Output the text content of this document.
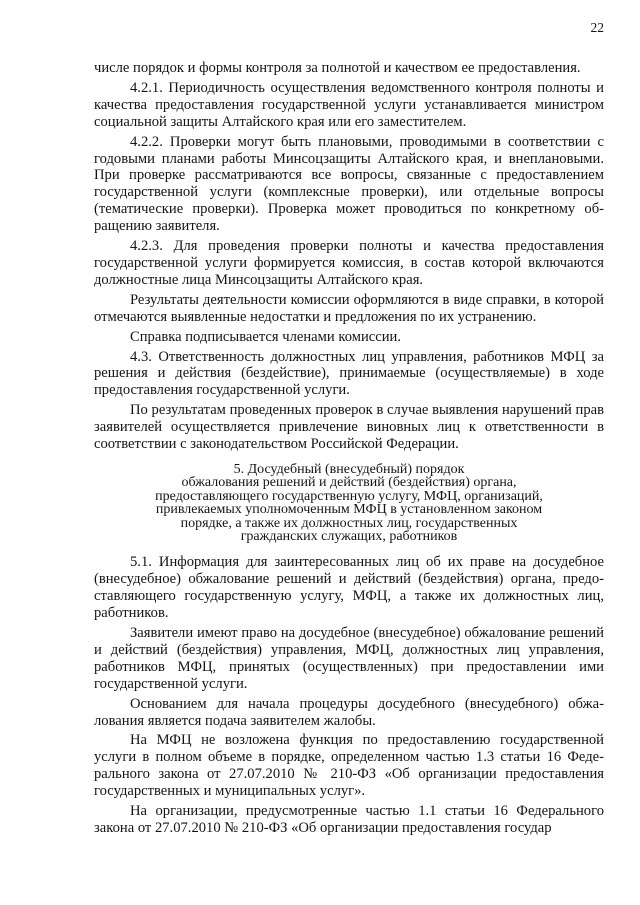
22

числе порядок и формы контроля за полнотой и качеством ее предоставления.

4.2.1. Периодичность осуществления ведомственного контроля полноты и качества предоставления государственной услуги устанавливается министром социальной защиты Алтайского края или его заместителем.

4.2.2. Проверки могут быть плановыми, проводимыми в соответствии с годовыми планами работы Минсоцзащиты Алтайского края, и внеплановыми. При проверке рассматриваются все вопросы, связанные с предоставлением государственной услуги (комплексные проверки), или отдельные вопросы (тематические проверки). Проверка может проводиться по конкретному обращению заявителя.

4.2.3. Для проведения проверки полноты и качества предоставления государственной услуги формируется комиссия, в состав которой включаются должностные лица Минсоцзащиты Алтайского края.

Результаты деятельности комиссии оформляются в виде справки, в которой отмечаются выявленные недостатки и предложения по их устранению.

Справка подписывается членами комиссии.

4.3. Ответственность должностных лиц управления, работников МФЦ за решения и действия (бездействие), принимаемые (осуществляемые) в ходе предоставления государственной услуги.

По результатам проведенных проверок в случае выявления нарушений прав заявителей осуществляется привлечение виновных лиц к ответственности в соответствии с законодательством Российской Федерации.

5. Досудебный (внесудебный) порядок
обжалования решений и действий (бездействия) органа,
предоставляющего государственную услугу, МФЦ, организаций,
привлекаемых уполномоченным МФЦ в установленном законом
порядке, а также их должностных лиц, государственных
гражданских служащих, работников

5.1. Информация для заинтересованных лиц об их праве на досудебное (внесудебное) обжалование решений и действий (бездействия) органа, предоставляющего государственную услугу, МФЦ, а также их должностных лиц, работников.

Заявители имеют право на досудебное (внесудебное) обжалование решений и действий (бездействия) управления, МФЦ, должностных лиц управления, работников МФЦ, принятых (осуществленных) при предоставлении ими государственной услуги.

Основанием для начала процедуры досудебного (внесудебного) обжалования является подача заявителем жалобы.

На МФЦ не возложена функция по предоставлению государственной услуги в полном объеме в порядке, определенном частью 1.3 статьи 16 Федерального закона от 27.07.2010 № 210-ФЗ «Об организации предоставления государственных и муниципальных услуг».

На организации, предусмотренные частью 1.1 статьи 16 Федерального закона от 27.07.2010 № 210-ФЗ «Об организации предоставления государ
